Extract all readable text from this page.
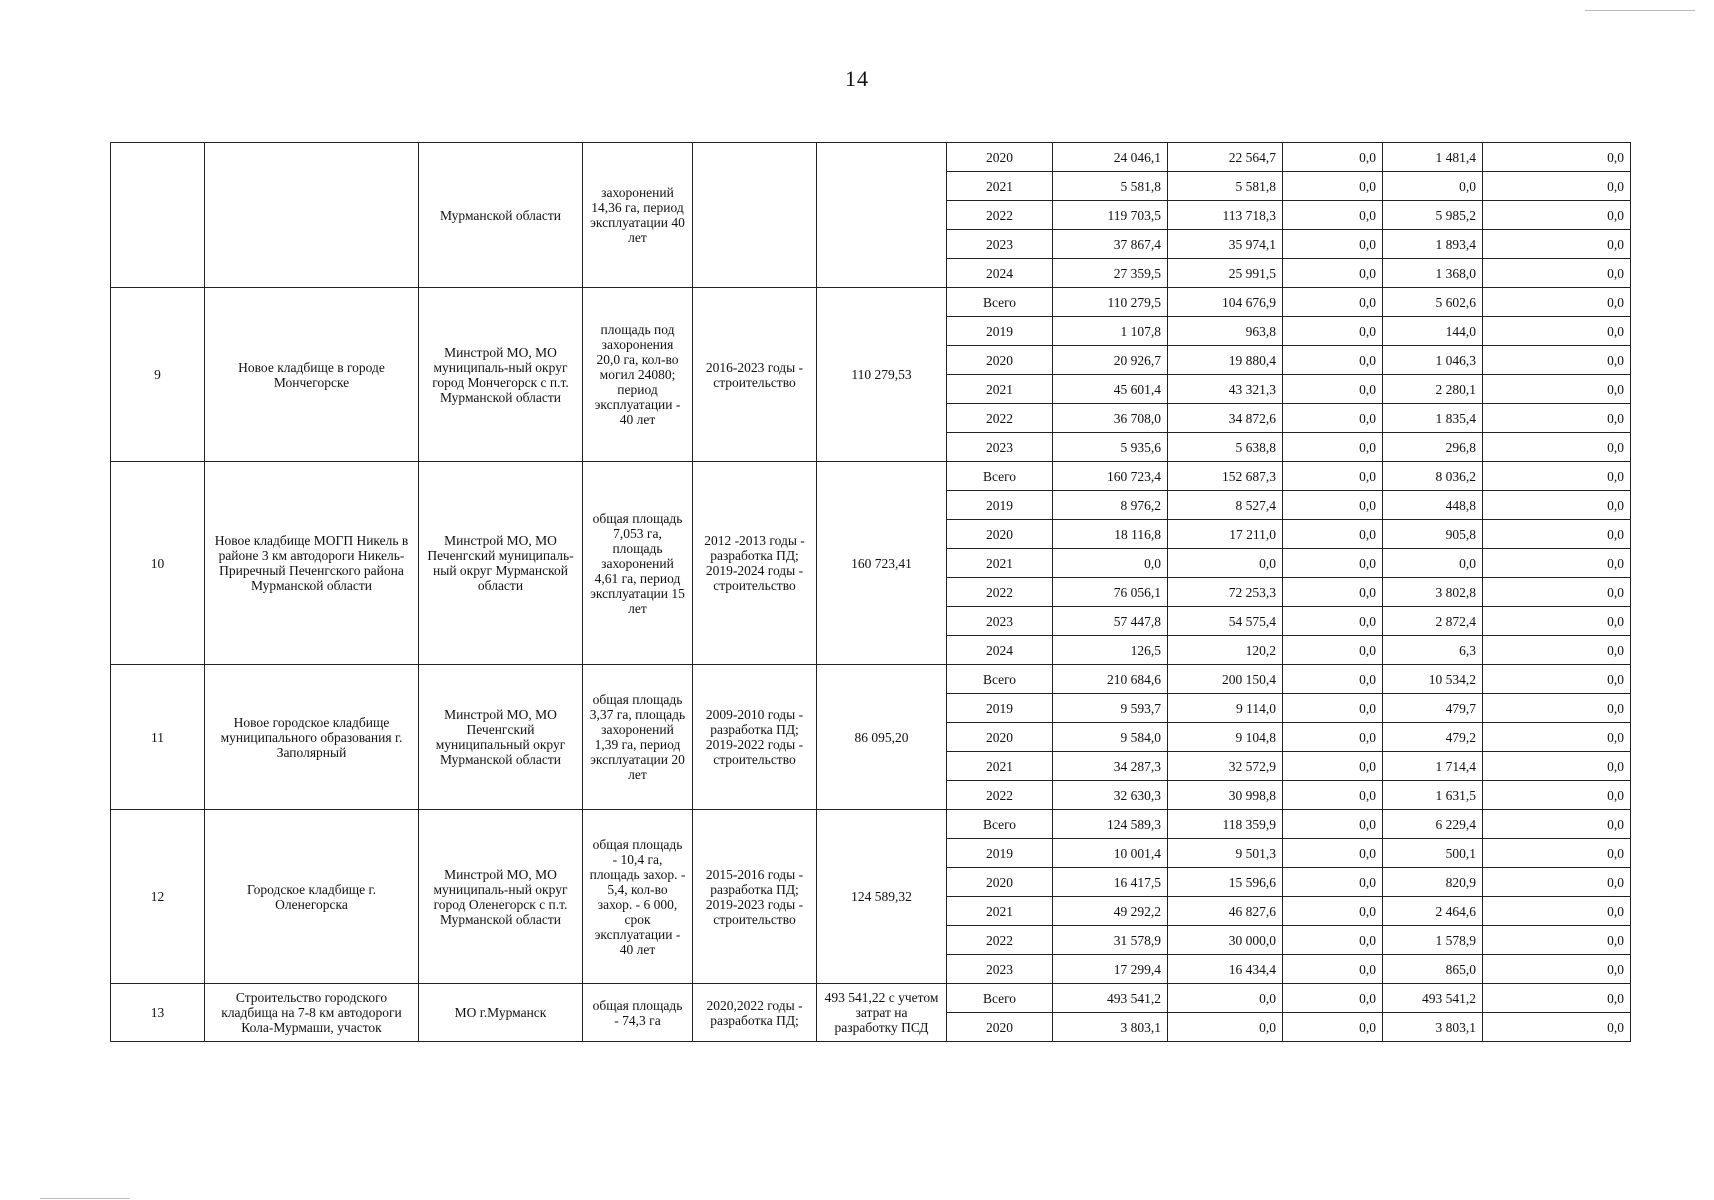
14
		Мурманской области	захоронений 14,36 га, период эксплуатации 40 лет			2020	24 046,1	22 564,7	0,0	1 481,4	0,0
						2021	5 581,8	5 581,8	0,0	0,0	0,0
						2022	119 703,5	113 718,3	0,0	5 985,2	0,0
						2023	37 867,4	35 974,1	0,0	1 893,4	0,0
						2024	27 359,5	25 991,5	0,0	1 368,0	0,0
9	Новое кладбище в городе Мончегорске	Минстрой МО, МО муниципаль-ный округ город Мончегорск с п.т. Мурманской области	площадь под захоронения 20,0 га, кол-во могил 24080; период эксплуатации - 40 лет	2016-2023 годы - строительство	110 279,53	Всего	110 279,5	104 676,9	0,0	5 602,6	0,0
						2019	1 107,8	963,8	0,0	144,0	0,0
						2020	20 926,7	19 880,4	0,0	1 046,3	0,0
						2021	45 601,4	43 321,3	0,0	2 280,1	0,0
						2022	36 708,0	34 872,6	0,0	1 835,4	0,0
						2023	5 935,6	5 638,8	0,0	296,8	0,0
10	Новое кладбище МОГП Никель в районе 3 км автодороги Никель-Приречный Печенгского района Мурманской области	Минстрой МО, МО Печенгский муниципаль-ный округ Мурманской области	общая площадь 7,053 га, площадь захоронений 4,61 га, период эксплуатации 15 лет	2012 -2013 годы - разработка ПД; 2019-2024 годы - строительство	160 723,41	Всего	160 723,4	152 687,3	0,0	8 036,2	0,0
						2019	8 976,2	8 527,4	0,0	448,8	0,0
						2020	18 116,8	17 211,0	0,0	905,8	0,0
						2021	0,0	0,0	0,0	0,0	0,0
						2022	76 056,1	72 253,3	0,0	3 802,8	0,0
						2023	57 447,8	54 575,4	0,0	2 872,4	0,0
						2024	126,5	120,2	0,0	6,3	0,0
11	Новое городское кладбище муниципального образования г. Заполярный	Минстрой МО, МО Печенгский муниципальный округ Мурманской области	общая площадь 3,37 га, площадь захоронений 1,39 га, период эксплуатации 20 лет	2009-2010 годы - разработка ПД; 2019-2022 годы - строительство	86 095,20	Всего	210 684,6	200 150,4	0,0	10 534,2	0,0
						2019	9 593,7	9 114,0	0,0	479,7	0,0
						2020	9 584,0	9 104,8	0,0	479,2	0,0
						2021	34 287,3	32 572,9	0,0	1 714,4	0,0
						2022	32 630,3	30 998,8	0,0	1 631,5	0,0
12	Городское кладбище г. Оленегорска	Минстрой МО, МО муниципаль-ный округ город Оленегорск с п.т. Мурманской области	общая площадь - 10,4 га, площадь захор. - 5,4, кол-во захор. - 6 000, срок эксплуатации - 40 лет	2015-2016 годы - разработка ПД; 2019-2023 годы - строительство	124 589,32	Всего	124 589,3	118 359,9	0,0	6 229,4	0,0
						2019	10 001,4	9 501,3	0,0	500,1	0,0
						2020	16 417,5	15 596,6	0,0	820,9	0,0
						2021	49 292,2	46 827,6	0,0	2 464,6	0,0
						2022	31 578,9	30 000,0	0,0	1 578,9	0,0
						2023	17 299,4	16 434,4	0,0	865,0	0,0
13	Строительство городского кладбища на 7-8 км автодороги Кола-Мурмаши, участок	МО г.Мурманск	общая площадь - 74,3 га	2020,2022 годы - разработка ПД;	493 541,22 с учетом затрат на разработку ПСД	Всего	493 541,2	0,0	0,0	493 541,2	0,0
						2020	3 803,1	0,0	0,0	3 803,1	0,0
